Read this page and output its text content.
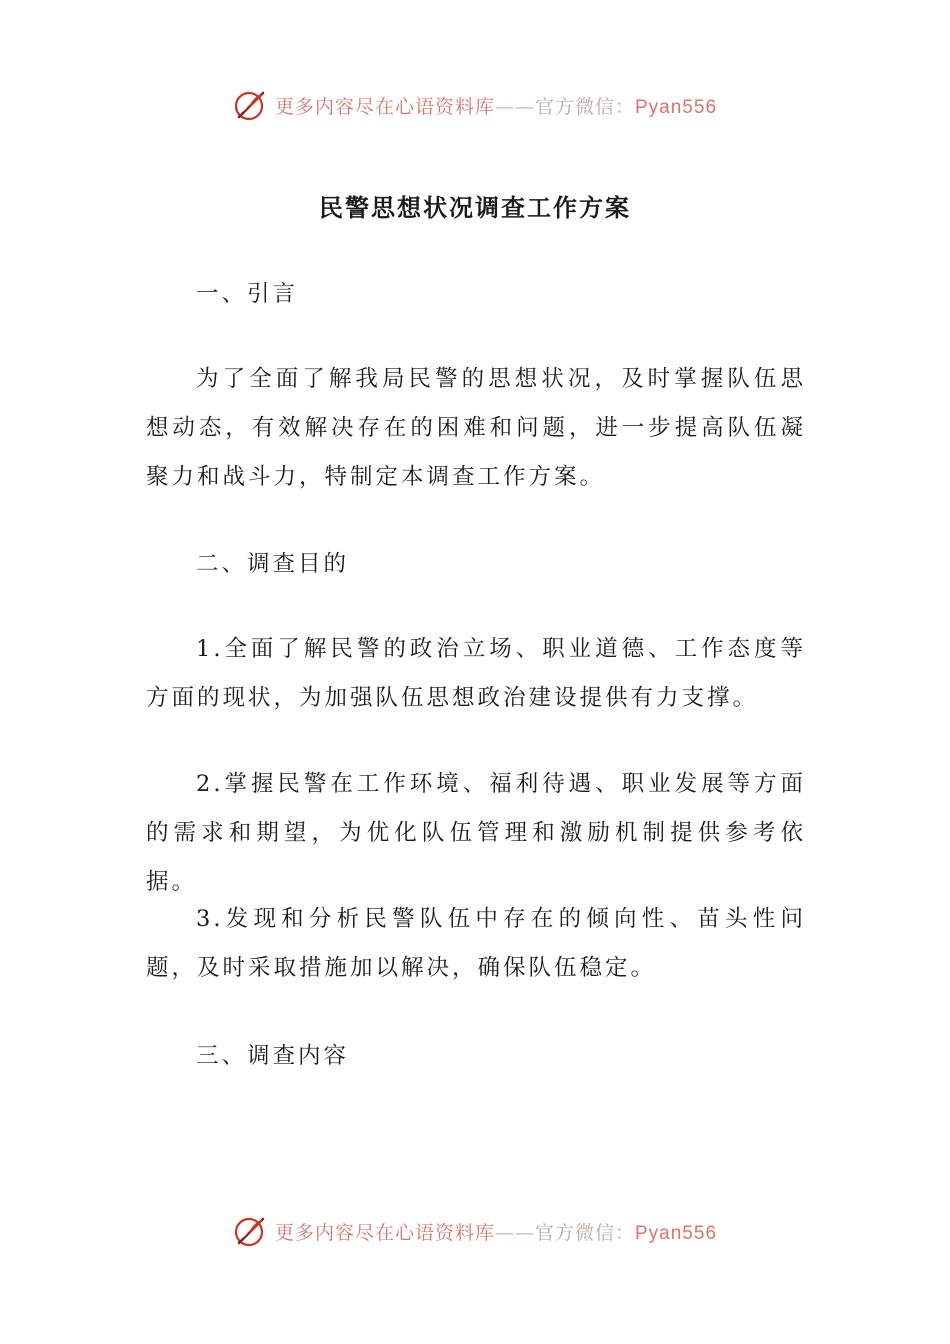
更多内容尽在心语资料库——官方微信：Pyan556
民警思想状况调查工作方案

一、引言

为了全面了解我局民警的思想状况，及时掌握队伍思想动态，有效解决存在的困难和问题，进一步提高队伍凝聚力和战斗力，特制定本调查工作方案。

二、调查目的

1.全面了解民警的政治立场、职业道德、工作态度等方面的现状，为加强队伍思想政治建设提供有力支撑。

2.掌握民警在工作环境、福利待遇、职业发展等方面的需求和期望，为优化队伍管理和激励机制提供参考依据。

3.发现和分析民警队伍中存在的倾向性、苗头性问题，及时采取措施加以解决，确保队伍稳定。

三、调查内容

更多内容尽在心语资料库——官方微信：Pyan556
